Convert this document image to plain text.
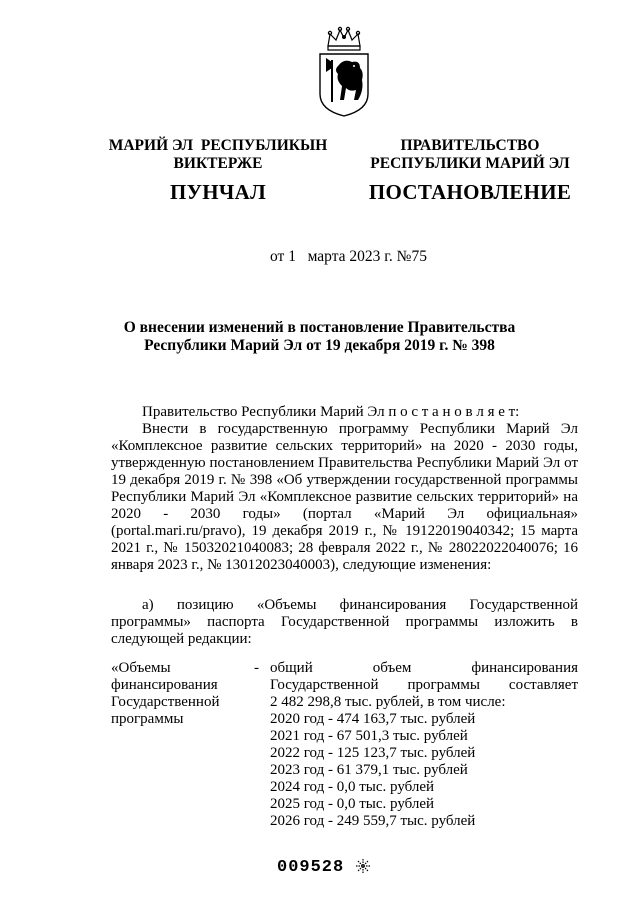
МАРИЙ ЭЛ  РЕСПУБЛИКЫН
ВИКТЕРЖЕ
ПУНЧАЛ
ПРАВИТЕЛЬСТВО
РЕСПУБЛИКИ МАРИЙ ЭЛ
ПОСТАНОВЛЕНИЕ
от 1   марта 2023 г. №75
О внесении изменений в постановление Правительства
Республики Марий Эл от 19 декабря 2019 г. № 398

Правительство Республики Марий Эл п о с т а н о в л я е т:

Внести в государственную программу Республики Марий Эл «Комплексное развитие сельских территорий» на 2020 - 2030 годы, утвержденную постановлением Правительства Республики Марий Эл от 19 декабря 2019 г. № 398 «Об утверждении государственной программы Республики Марий Эл «Комплексное развитие сельских территорий» на 2020 - 2030 годы» (портал «Марий Эл официальная» (portal.mari.ru/pravo), 19 декабря 2019 г., № 19122019040342; 15 марта 2021 г., № 15032021040083; 28 февраля 2022 г., № 28022022040076; 16 января 2023 г., № 13012023040003), следующие изменения:

а) позицию «Объемы финансирования Государственной программы» паспорта Государственной программы изложить в следующей редакции:

«Объемы
финансирования
Государственной
программы
- общий объем финансирования
Государственной программы составляет
2 482 298,8 тыс. рублей, в том числе:
2020 год - 474 163,7 тыс. рублей
2021 год - 67 501,3 тыс. рублей
2022 год - 125 123,7 тыс. рублей
2023 год - 61 379,1 тыс. рублей
2024 год - 0,0 тыс. рублей
2025 год - 0,0 тыс. рублей
2026 год - 249 559,7 тыс. рублей
009528
